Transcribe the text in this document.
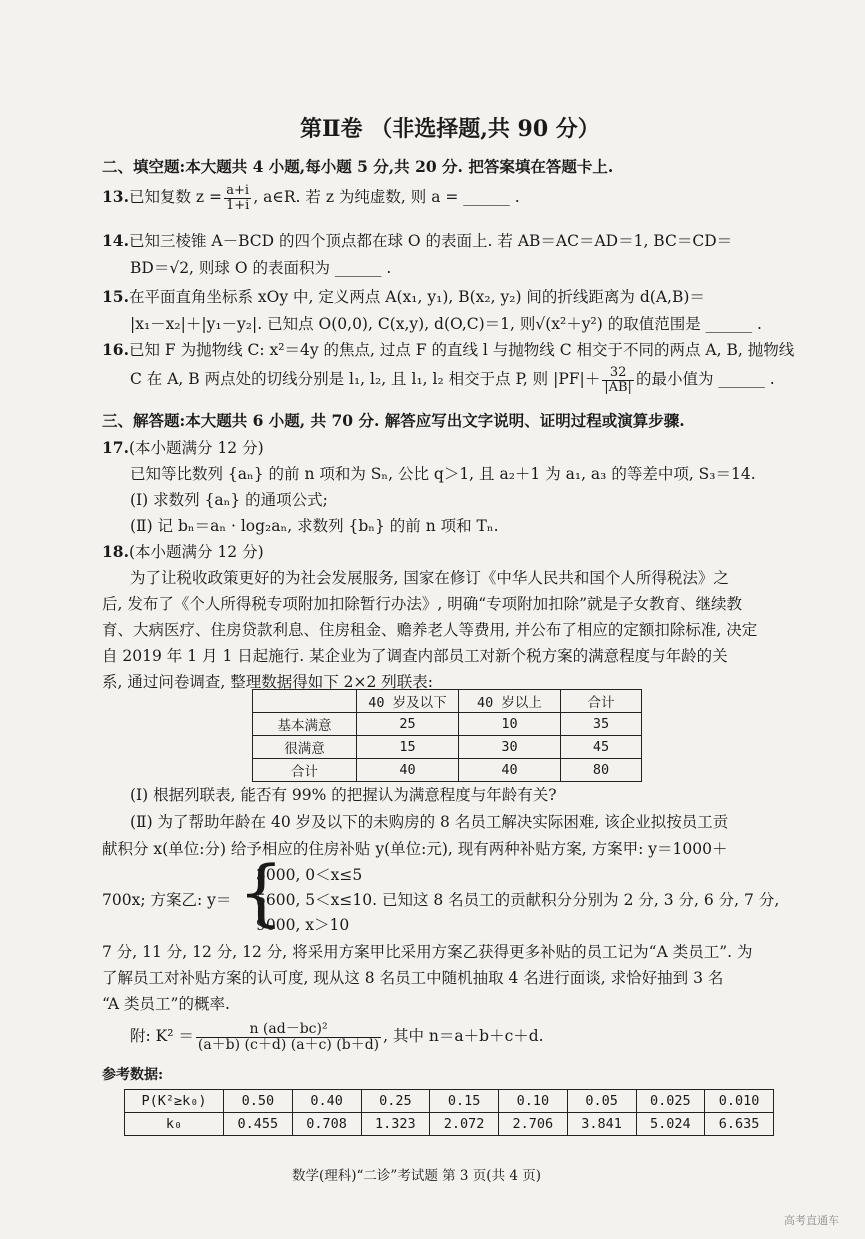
第Ⅱ卷 （非选择题,共 90 分）
二、填空题:本大题共 4 小题,每小题 5 分,共 20 分. 把答案填在答题卡上.
13.已知复数 $z = \frac{a+i}{1+i}$ , a∈R. 若 z 为纯虚数, 则 a = ______ .
14.已知三棱锥 A－BCD 的四个顶点都在球 O 的表面上. 若 AB＝AC＝AD＝1, BC＝CD＝
BD＝√2, 则球 O 的表面积为 ______ .
15.在平面直角坐标系 xOy 中, 定义两点 A(x₁, y₁), B(x₂, y₂) 间的折线距离为 d(A,B)＝
|x₁－x₂|＋|y₁－y₂|. 已知点 O(0,0), C(x,y), d(O,C)＝1, 则√(x²＋y²) 的取值范围是 ______ .
16.已知 F 为抛物线 C: x²＝4y 的焦点, 过点 F 的直线 l 与抛物线 C 相交于不同的两点 A, B, 抛物线
C 在 A, B 两点处的切线分别是 l₁, l₂, 且 l₁, l₂ 相交于点 P, 则 $|PF|+ \frac{32}{|AB|}$ 的最小值为 ______ .
三、解答题:本大题共 6 小题, 共 70 分. 解答应写出文字说明、证明过程或演算步骤.
17.(本小题满分 12 分)
已知等比数列 {aₙ} 的前 n 项和为 Sₙ, 公比 q＞1, 且 a₂＋1 为 a₁, a₃ 的等差中项, S₃＝14.
(Ⅰ) 求数列 {aₙ} 的通项公式;
(Ⅱ) 记 bₙ＝aₙ · log₂aₙ, 求数列 {bₙ} 的前 n 项和 Tₙ.
18.(本小题满分 12 分)
为了让税收政策更好的为社会发展服务, 国家在修订《中华人民共和国个人所得税法》之
后, 发布了《个人所得税专项附加扣除暂行办法》, 明确“专项附加扣除”就是子女教育、继续教
育、大病医疗、住房贷款利息、住房租金、赡养老人等费用, 并公布了相应的定额扣除标准, 决定
自 2019 年 1 月 1 日起施行. 某企业为了调查内部员工对新个税方案的满意程度与年龄的关
系, 通过问卷调查, 整理数据得如下 2×2 列联表:
	40 岁及以下	40 岁以上	合计
基本满意	25	10	35
很满意	15	30	45
合计	40	40	80
(Ⅰ) 根据列联表, 能否有 99% 的把握认为满意程度与年龄有关?
(Ⅱ) 为了帮助年龄在 40 岁及以下的未购房的 8 名员工解决实际困难, 该企业拟按员工贡
献积分 x(单位:分) 给予相应的住房补贴 y(单位:元), 现有两种补贴方案, 方案甲: y＝1000＋
3000, 0＜x≤5
700x; 方案乙: y＝ {
5600, 5＜x≤10. 已知这 8 名员工的贡献积分分别为 2 分, 3 分, 6 分, 7 分,
9000, x＞10
7 分, 11 分, 12 分, 12 分, 将采用方案甲比采用方案乙获得更多补贴的员工记为“A 类员工”. 为
了解员工对补贴方案的认可度, 现从这 8 名员工中随机抽取 4 名进行面谈, 求恰好抽到 3 名
“A 类员工”的概率.
附: $K^2 = \frac{\text{n (ad－bc)²}}{(a+b) (c+d) (a+c) (b+d)}$ , 其中 n＝a＋b＋c＋d.
参考数据:
P(K²≥k₀)	0.50	0.40	0.25	0.15	0.10	0.05	0.025	0.010
k₀	0.455	0.708	1.323	2.072	2.706	3.841	5.024	6.635
数学(理科)“二诊”考试题 第 3 页(共 4 页)
高考直通车
